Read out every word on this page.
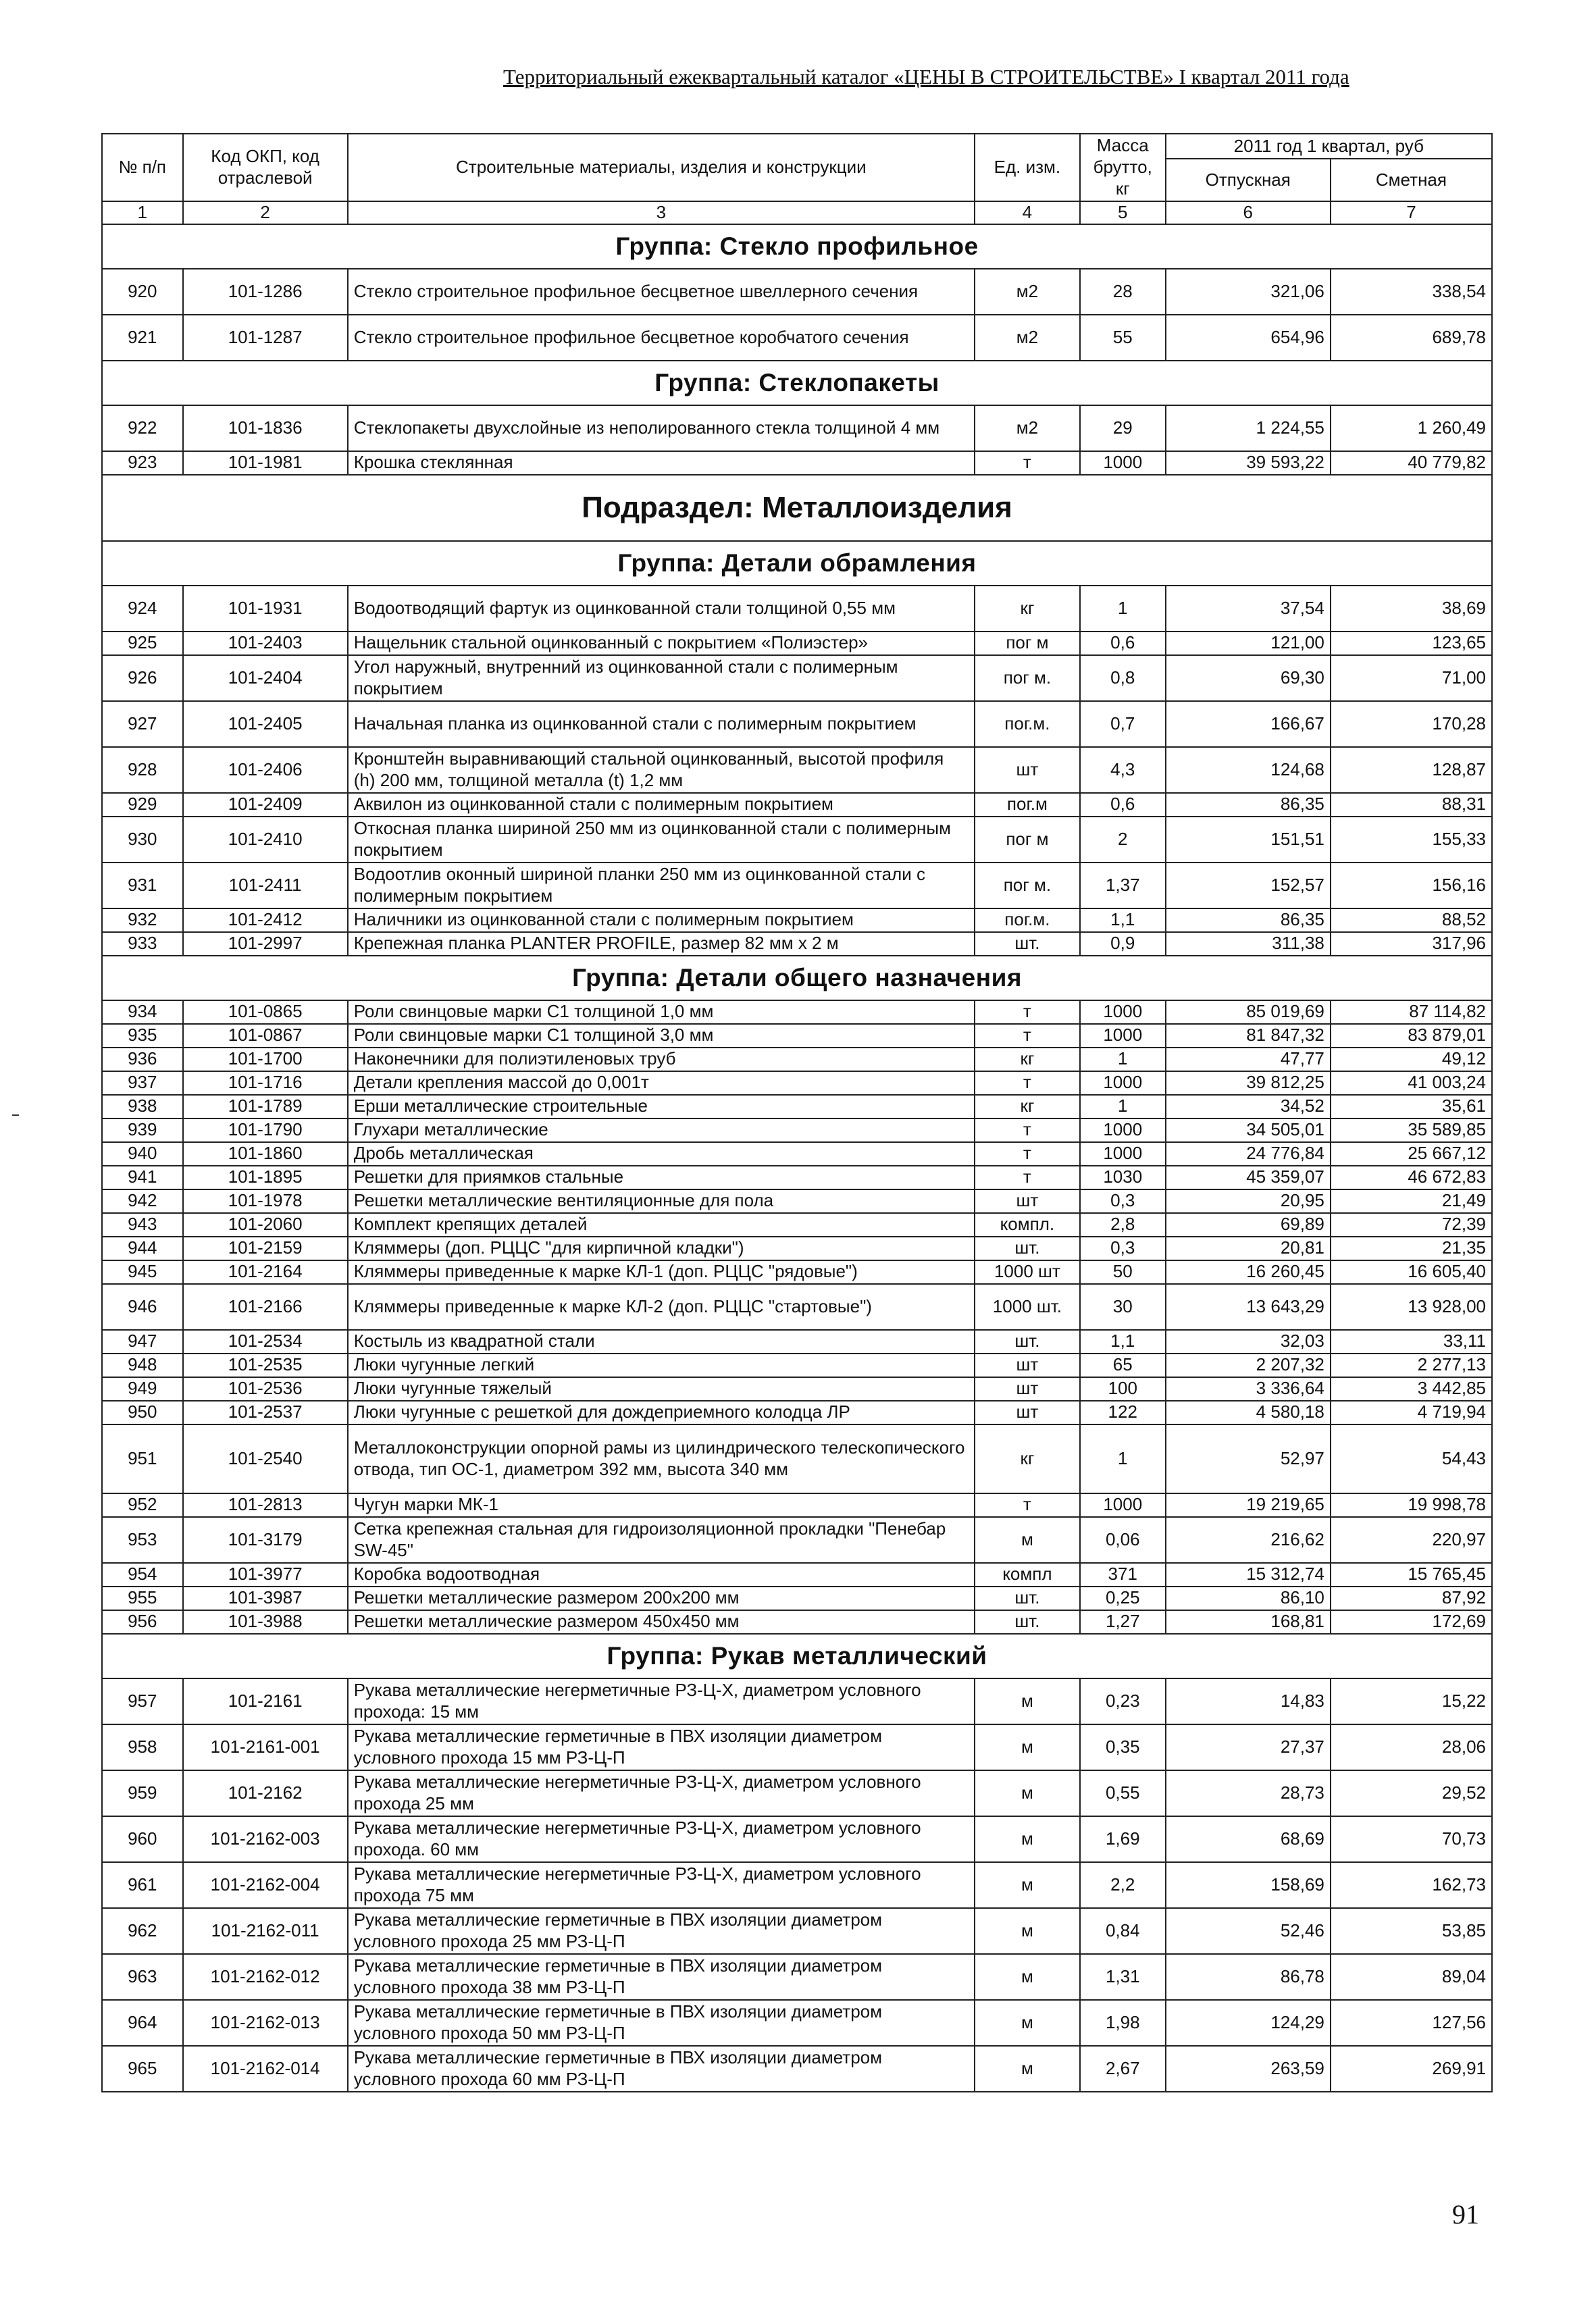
Территориальный ежеквартальный каталог «ЦЕНЫ В СТРОИТЕЛЬСТВЕ» I квартал 2011 года
№ п/п	Код ОКП, код отраслевой	Строительные материалы, изделия и конструкции	Ед. изм.	Масса брутто, кг	2011 год 1 квартал, руб	
					Отпускная	Сметная
1	2	3	4	5	6	7
Группа: Стекло профильное						
920	101-1286	Стекло строительное профильное бесцветное швеллерного сечения	м2	28	321,06	338,54
921	101-1287	Стекло строительное профильное бесцветное коробчатого сечения	м2	55	654,96	689,78
Группа: Стеклопакеты						
922	101-1836	Стеклопакеты двухслойные из неполированного стекла толщиной 4 мм	м2	29	1 224,55	1 260,49
923	101-1981	Крошка стеклянная	т	1000	39 593,22	40 779,82
Подраздел: Металлоизделия						
Группа: Детали обрамления						
924	101-1931	Водоотводящий фартук из оцинкованной стали толщиной 0,55 мм	кг	1	37,54	38,69
925	101-2403	Нащельник стальной оцинкованный с покрытием «Полиэстер»	пог м	0,6	121,00	123,65
926	101-2404	Угол наружный, внутренний из оцинкованной стали с полимерным покрытием	пог м.	0,8	69,30	71,00
927	101-2405	Начальная планка из оцинкованной стали с полимерным покрытием	пог.м.	0,7	166,67	170,28
928	101-2406	Кронштейн выравнивающий стальной оцинкованный, высотой профиля (h) 200 мм, толщиной металла (t) 1,2 мм	шт	4,3	124,68	128,87
929	101-2409	Аквилон из оцинкованной стали с полимерным покрытием	пог.м	0,6	86,35	88,31
930	101-2410	Откосная планка шириной 250 мм из оцинкованной стали с полимерным покрытием	пог м	2	151,51	155,33
931	101-2411	Водоотлив оконный шириной планки 250 мм из оцинкованной стали с полимерным покрытием	пог м.	1,37	152,57	156,16
932	101-2412	Наличники из оцинкованной стали с полимерным покрытием	пог.м.	1,1	86,35	88,52
933	101-2997	Крепежная планка PLANTER PROFILE, размер 82 мм х 2 м	шт.	0,9	311,38	317,96
Группа: Детали общего назначения						
934	101-0865	Роли свинцовые марки С1 толщиной 1,0 мм	т	1000	85 019,69	87 114,82
935	101-0867	Роли свинцовые марки С1 толщиной 3,0 мм	т	1000	81 847,32	83 879,01
936	101-1700	Наконечники для полиэтиленовых труб	кг	1	47,77	49,12
937	101-1716	Детали крепления массой до 0,001т	т	1000	39 812,25	41 003,24
938	101-1789	Ерши металлические строительные	кг	1	34,52	35,61
939	101-1790	Глухари металлические	т	1000	34 505,01	35 589,85
940	101-1860	Дробь металлическая	т	1000	24 776,84	25 667,12
941	101-1895	Решетки для приямков стальные	т	1030	45 359,07	46 672,83
942	101-1978	Решетки металлические вентиляционные для пола	шт	0,3	20,95	21,49
943	101-2060	Комплект крепящих деталей	компл.	2,8	69,89	72,39
944	101-2159	Кляммеры (доп. РЦЦС "для кирпичной кладки")	шт.	0,3	20,81	21,35
945	101-2164	Кляммеры приведенные к марке КЛ-1 (доп. РЦЦС "рядовые")	1000 шт	50	16 260,45	16 605,40
946	101-2166	Кляммеры приведенные к марке КЛ-2 (доп. РЦЦС "стартовые")	1000 шт.	30	13 643,29	13 928,00
947	101-2534	Костыль из квадратной стали	шт.	1,1	32,03	33,11
948	101-2535	Люки чугунные легкий	шт	65	2 207,32	2 277,13
949	101-2536	Люки чугунные тяжелый	шт	100	3 336,64	3 442,85
950	101-2537	Люки чугунные с решеткой для дождеприемного колодца ЛР	шт	122	4 580,18	4 719,94
951	101-2540	Металлоконструкции опорной рамы из цилиндрического телескопического отвода, тип ОС-1, диаметром 392 мм, высота 340 мм	кг	1	52,97	54,43
952	101-2813	Чугун марки МК-1	т	1000	19 219,65	19 998,78
953	101-3179	Сетка крепежная стальная для гидроизоляционной прокладки "Пенебар SW-45"	м	0,06	216,62	220,97
954	101-3977	Коробка водоотводная	компл	371	15 312,74	15 765,45
955	101-3987	Решетки металлические размером 200х200 мм	шт.	0,25	86,10	87,92
956	101-3988	Решетки металлические размером 450х450 мм	шт.	1,27	168,81	172,69
Группа: Рукав металлический						
957	101-2161	Рукава металлические негерметичные РЗ-Ц-Х, диаметром условного прохода: 15 мм	м	0,23	14,83	15,22
958	101-2161-001	Рукава металлические герметичные в ПВХ изоляции диаметром условного прохода 15 мм РЗ-Ц-П	м	0,35	27,37	28,06
959	101-2162	Рукава металлические негерметичные РЗ-Ц-Х, диаметром условного прохода 25 мм	м	0,55	28,73	29,52
960	101-2162-003	Рукава металлические негерметичные РЗ-Ц-Х, диаметром условного прохода. 60 мм	м	1,69	68,69	70,73
961	101-2162-004	Рукава металлические негерметичные РЗ-Ц-Х, диаметром условного прохода 75 мм	м	2,2	158,69	162,73
962	101-2162-011	Рукава металлические герметичные в ПВХ изоляции диаметром условного прохода 25 мм РЗ-Ц-П	м	0,84	52,46	53,85
963	101-2162-012	Рукава металлические герметичные в ПВХ изоляции диаметром условного прохода 38 мм РЗ-Ц-П	м	1,31	86,78	89,04
964	101-2162-013	Рукава металлические герметичные в ПВХ изоляции диаметром условного прохода 50 мм РЗ-Ц-П	м	1,98	124,29	127,56
965	101-2162-014	Рукава металлические герметичные в ПВХ изоляции диаметром условного прохода 60 мм РЗ-Ц-П	м	2,67	263,59	269,91
91
